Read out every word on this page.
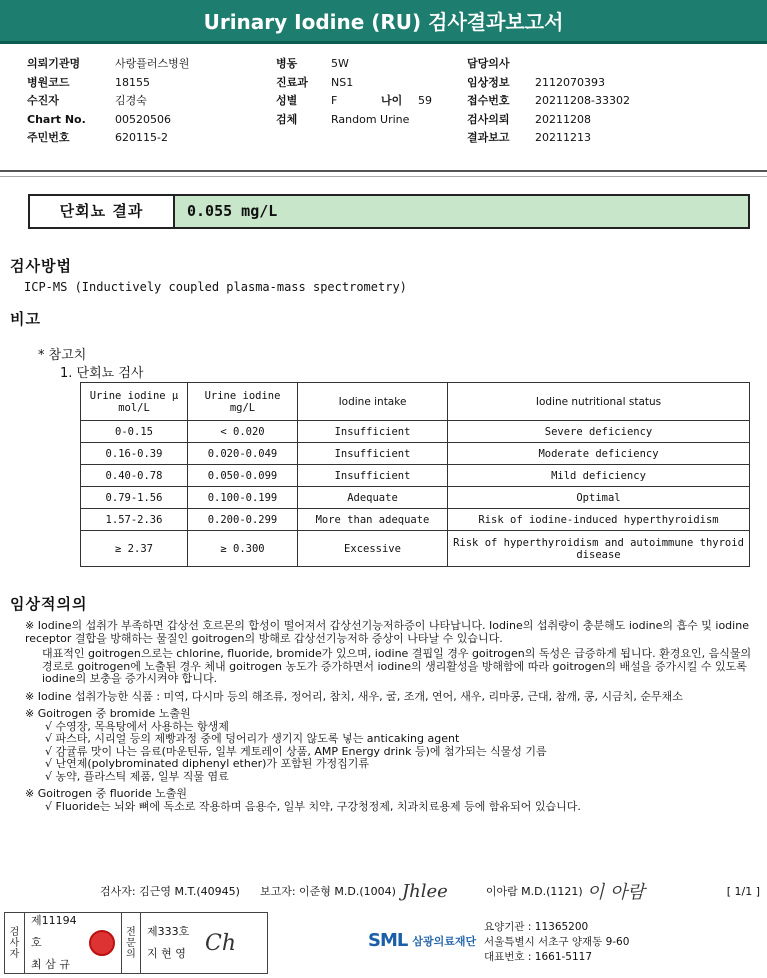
Urinary Iodine (RU) 검사결과보고서
의뢰기관명	사랑플러스병원
병원코드	18155
수진자	김경숙
Chart No.	00520506
주민번호	620115-2
병동	5W
진료과	NS1
성별	F	나이	59
검체	Random Urine
담당의사
임상정보	2112070393
접수번호	20211208-33302
검사의뢰	20211208
결과보고	20211213
단회뇨 결과	0.055 mg/L
검사방법
ICP-MS (Inductively coupled plasma-mass spectrometry)
비고
* 참고치
1. 단회뇨 검사
Urine iodine μ mol/L	Urine iodine mg/L	Iodine intake	Iodine nutritional status
0-0.15	< 0.020	Insufficient	Severe deficiency
0.16-0.39	0.020-0.049	Insufficient	Moderate deficiency
0.40-0.78	0.050-0.099	Insufficient	Mild deficiency
0.79-1.56	0.100-0.199	Adequate	Optimal
1.57-2.36	0.200-0.299	More than adequate	Risk of iodine-induced hyperthyroidism
≥ 2.37	≥ 0.300	Excessive	Risk of hyperthyroidism and autoimmune thyroid disease
임상적의의

※ Iodine의 섭취가 부족하면 갑상선 호르몬의 합성이 떨어져서 갑상선기능저하증이 나타납니다. Iodine의 섭취량이 충분해도 iodine의 흡수 및 iodine receptor 결합을 방해하는 물질인 goitrogen의 방해로 갑상선기능저하 증상이 나타날 수 있습니다.

대표적인 goitrogen으로는 chlorine, fluoride, bromide가 있으며, iodine 결핍일 경우 goitrogen의 독성은 급증하게 됩니다. 환경요인, 음식물의 경로로 goitrogen에 노출된 경우 체내 goitrogen 농도가 증가하면서 iodine의 생리활성을 방해함에 따라 goitrogen의 배설을 증가시킬 수 있도록 iodine의 보충을 증가시켜야 합니다.

※ Iodine 섭취가능한 식품 : 미역, 다시마 등의 해조류, 정어리, 참치, 새우, 굴, 조개, 연어, 새우, 리마콩, 근대, 참깨, 콩, 시금치, 순무채소

※ Goitrogen 중 bromide 노출원

√ 수영장, 목욕탕에서 사용하는 항생제

√ 파스타, 시리얼 등의 제빵과정 중에 덩어리가 생기지 않도록 넣는 anticaking agent

√ 감귤류 맛이 나는 음료(마운틴듀, 일부 게토레이 상품, AMP Energy drink 등)에 첨가되는 식물성 기름

√ 난연제(polybrominated diphenyl ether)가 포함된 가정집기류

√ 농약, 플라스틱 제품, 일부 직물 염료

※ Goitrogen 중 fluoride 노출원

√ Fluoride는 뇌와 뼈에 독소로 작용하며 음용수, 일부 치약, 구강청정제, 치과치료용제 등에 함유되어 있습니다.

검사자: 김근영 M.T.(40945) 보고자: 이준형 M.D.(1004) Jhlee	이아람 M.D.(1121) 이 아람	[ 1/1 ]
검
사
자
제11194호
최 삼 규
전
문
의
제333호
지 현 영 Ch	SML 삼광의료재단
요양기관 : 11365200
서울특별시 서초구 양재동 9-60
대표번호 : 1661-5117
